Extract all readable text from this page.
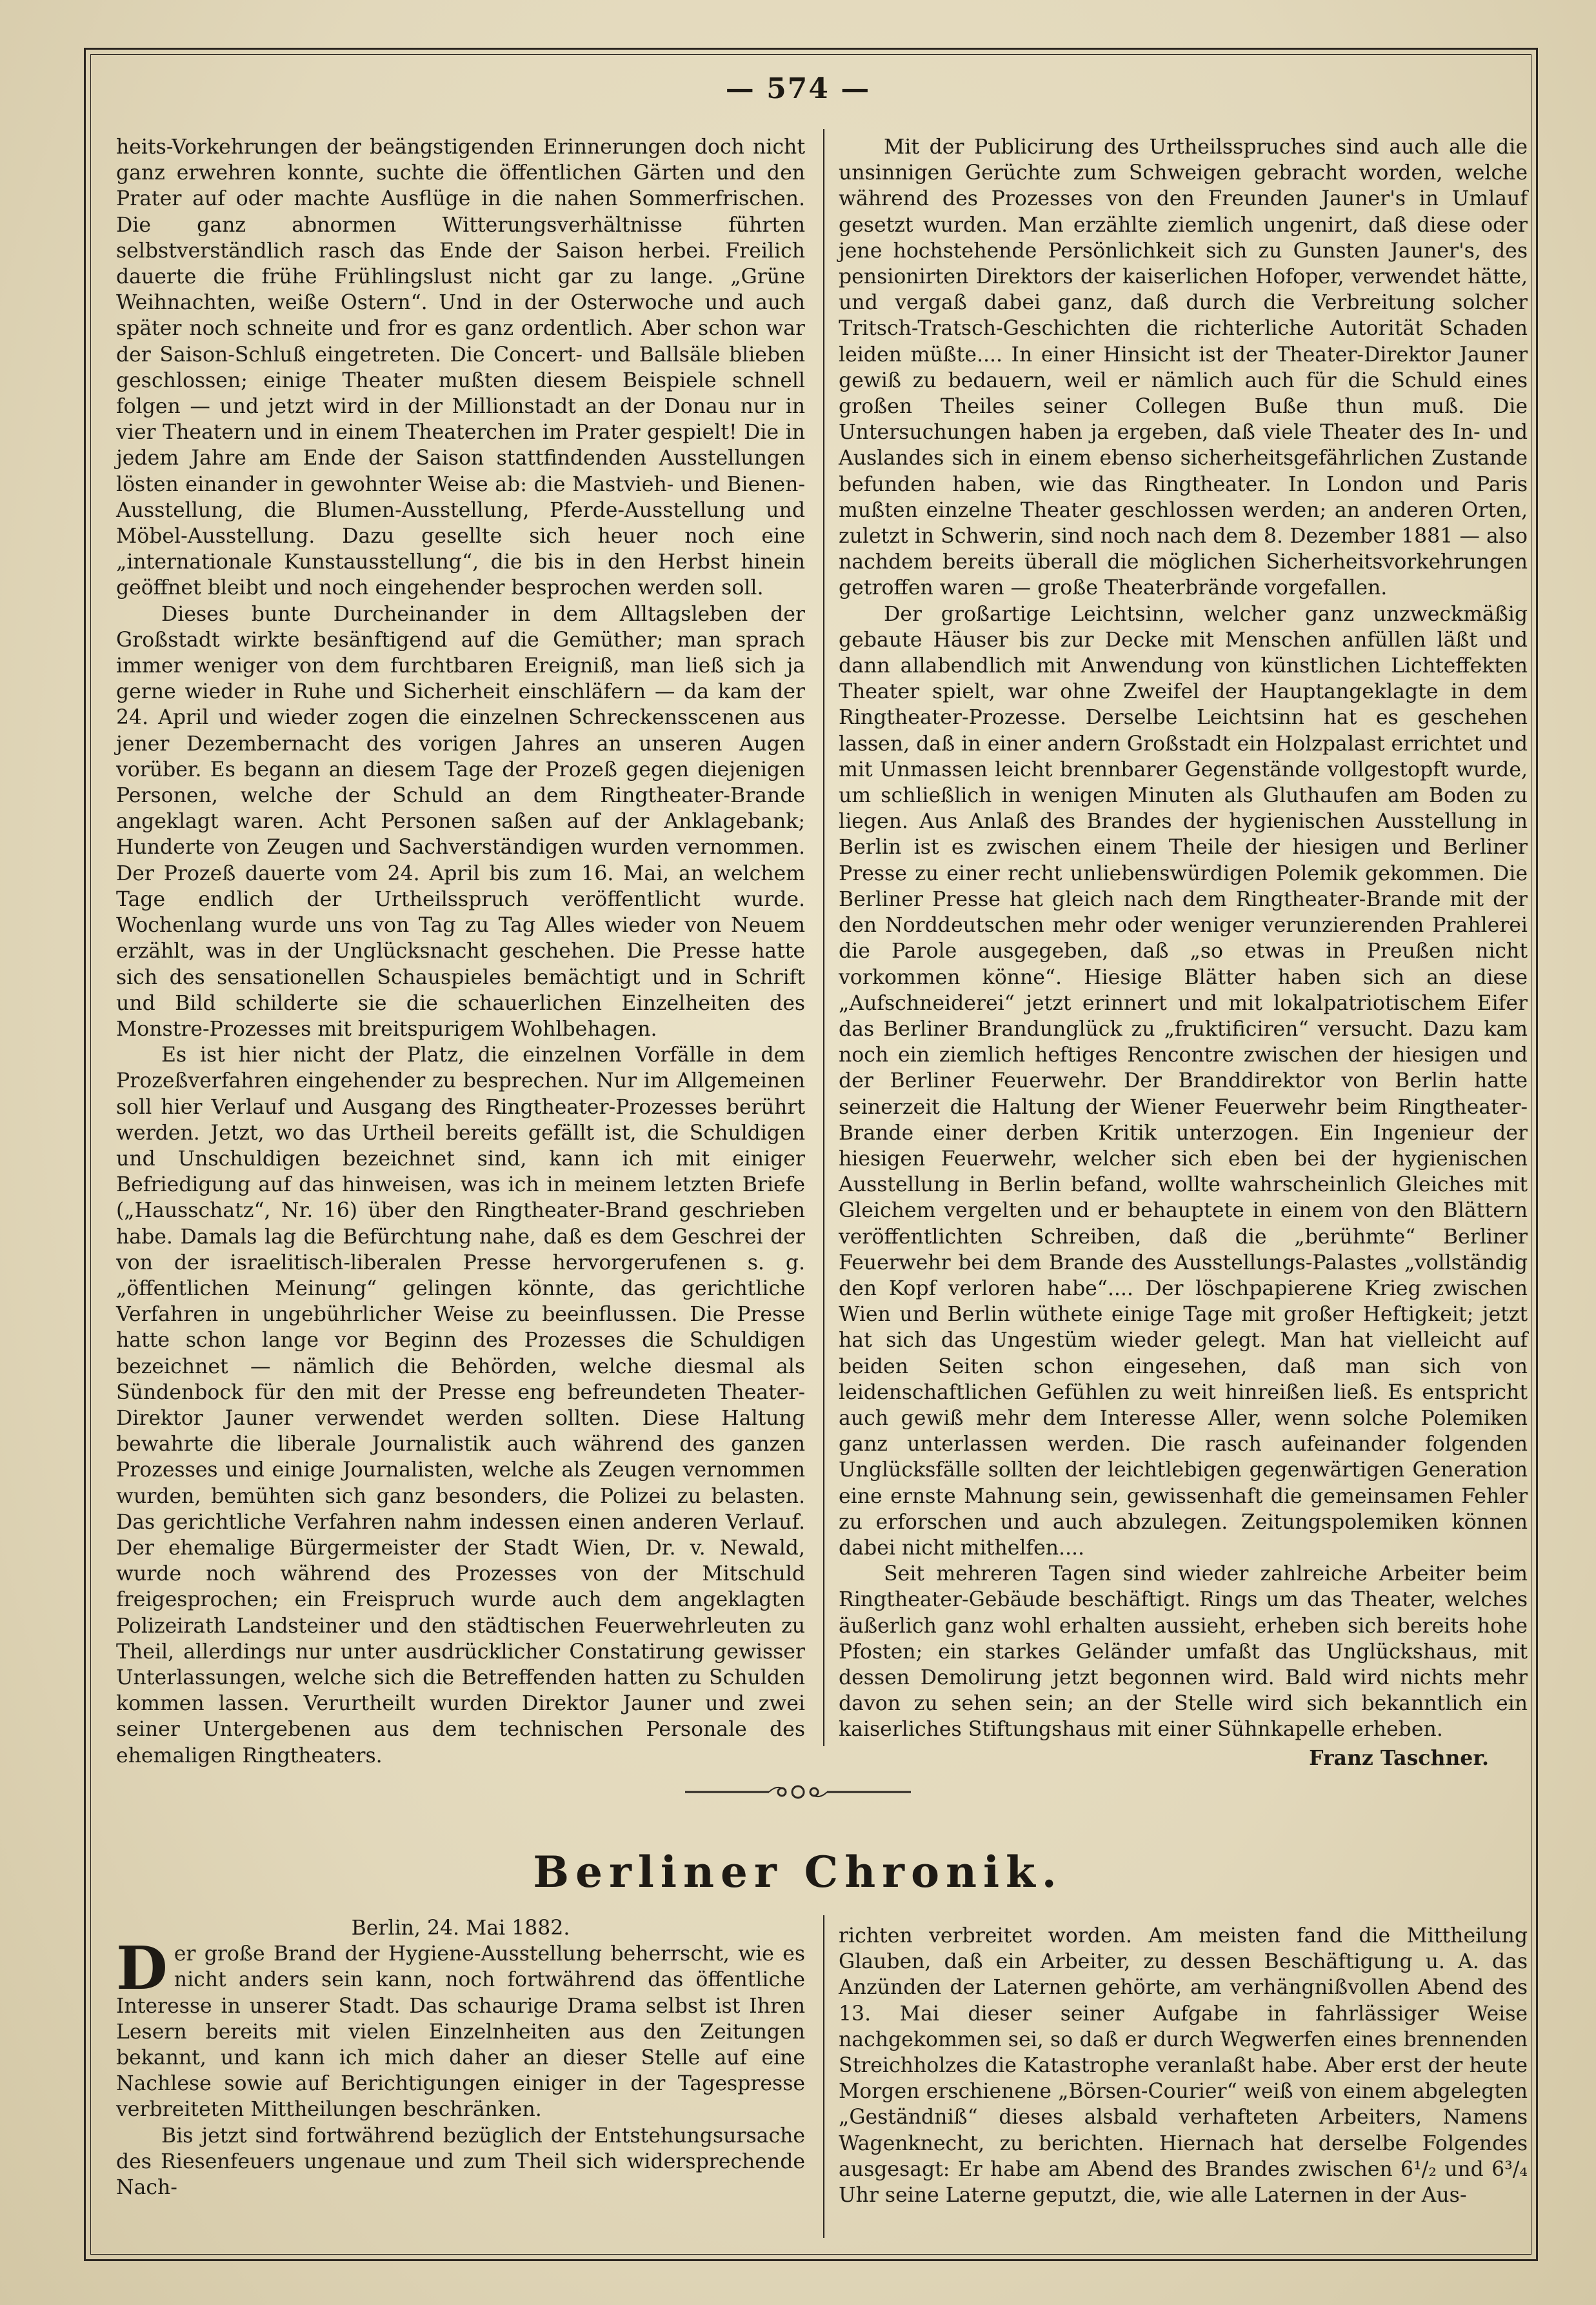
— 574 —

heits-Vorkehrungen der beängstigenden Erinnerungen doch nicht ganz erwehren konnte, suchte die öffentlichen Gärten und den Prater auf oder machte Ausflüge in die nahen Sommerfrischen. Die ganz abnormen Witterungsverhältnisse führten selbstverständlich rasch das Ende der Saison herbei. Freilich dauerte die frühe Frühlingslust nicht gar zu lange. „Grüne Weihnachten, weiße Ostern“. Und in der Osterwoche und auch später noch schneite und fror es ganz ordentlich. Aber schon war der Saison-Schluß eingetreten. Die Concert- und Ballsäle blieben geschlossen; einige Theater mußten diesem Beispiele schnell folgen — und jetzt wird in der Millionstadt an der Donau nur in vier Theatern und in einem Theaterchen im Prater gespielt! Die in jedem Jahre am Ende der Saison stattfindenden Ausstellungen lösten einander in gewohnter Weise ab: die Mastvieh- und Bienen-Ausstellung, die Blumen-Ausstellung, Pferde-Ausstellung und Möbel-Ausstellung. Dazu gesellte sich heuer noch eine „internationale Kunstausstellung“, die bis in den Herbst hinein geöffnet bleibt und noch eingehender besprochen werden soll.

Dieses bunte Durcheinander in dem Alltagsleben der Großstadt wirkte besänftigend auf die Gemüther; man sprach immer weniger von dem furchtbaren Ereigniß, man ließ sich ja gerne wieder in Ruhe und Sicherheit einschläfern — da kam der 24. April und wieder zogen die einzelnen Schreckensscenen aus jener Dezembernacht des vorigen Jahres an unseren Augen vorüber. Es begann an diesem Tage der Prozeß gegen diejenigen Personen, welche der Schuld an dem Ringtheater-Brande angeklagt waren. Acht Personen saßen auf der Anklagebank; Hunderte von Zeugen und Sachverständigen wurden vernommen. Der Prozeß dauerte vom 24. April bis zum 16. Mai, an welchem Tage endlich der Urtheilsspruch veröffentlicht wurde. Wochenlang wurde uns von Tag zu Tag Alles wieder von Neuem erzählt, was in der Unglücksnacht geschehen. Die Presse hatte sich des sensationellen Schauspieles bemächtigt und in Schrift und Bild schilderte sie die schauerlichen Einzelheiten des Monstre-Prozesses mit breitspurigem Wohlbehagen.

Es ist hier nicht der Platz, die einzelnen Vorfälle in dem Prozeßverfahren eingehender zu besprechen. Nur im Allgemeinen soll hier Verlauf und Ausgang des Ringtheater-Prozesses berührt werden. Jetzt, wo das Urtheil bereits gefällt ist, die Schuldigen und Unschuldigen bezeichnet sind, kann ich mit einiger Befriedigung auf das hinweisen, was ich in meinem letzten Briefe („Hausschatz“, Nr. 16) über den Ringtheater-Brand geschrieben habe. Damals lag die Befürchtung nahe, daß es dem Geschrei der von der israelitisch-liberalen Presse hervorgerufenen s. g. „öffentlichen Meinung“ gelingen könnte, das gerichtliche Verfahren in ungebührlicher Weise zu beeinflussen. Die Presse hatte schon lange vor Beginn des Prozesses die Schuldigen bezeichnet — nämlich die Behörden, welche diesmal als Sündenbock für den mit der Presse eng befreundeten Theater-Direktor Jauner verwendet werden sollten. Diese Haltung bewahrte die liberale Journalistik auch während des ganzen Prozesses und einige Journalisten, welche als Zeugen vernommen wurden, bemühten sich ganz besonders, die Polizei zu belasten. Das gerichtliche Verfahren nahm indessen einen anderen Verlauf. Der ehemalige Bürgermeister der Stadt Wien, Dr. v. Newald, wurde noch während des Prozesses von der Mitschuld freigesprochen; ein Freispruch wurde auch dem angeklagten Polizeirath Landsteiner und den städtischen Feuerwehrleuten zu Theil, allerdings nur unter ausdrücklicher Constatirung gewisser Unterlassungen, welche sich die Betreffenden hatten zu Schulden kommen lassen. Verurtheilt wurden Direktor Jauner und zwei seiner Untergebenen aus dem technischen Personale des ehemaligen Ringtheaters.

Mit der Publicirung des Urtheilsspruches sind auch alle die unsinnigen Gerüchte zum Schweigen gebracht worden, welche während des Prozesses von den Freunden Jauner's in Umlauf gesetzt wurden. Man erzählte ziemlich ungenirt, daß diese oder jene hochstehende Persönlichkeit sich zu Gunsten Jauner's, des pensionirten Direktors der kaiserlichen Hofoper, verwendet hätte, und vergaß dabei ganz, daß durch die Verbreitung solcher Tritsch-Tratsch-Geschichten die richterliche Autorität Schaden leiden müßte.... In einer Hinsicht ist der Theater-Direktor Jauner gewiß zu bedauern, weil er nämlich auch für die Schuld eines großen Theiles seiner Collegen Buße thun muß. Die Untersuchungen haben ja ergeben, daß viele Theater des In- und Auslandes sich in einem ebenso sicherheitsgefährlichen Zustande befunden haben, wie das Ringtheater. In London und Paris mußten einzelne Theater geschlossen werden; an anderen Orten, zuletzt in Schwerin, sind noch nach dem 8. Dezember 1881 — also nachdem bereits überall die möglichen Sicherheitsvorkehrungen getroffen waren — große Theaterbrände vorgefallen.

Der großartige Leichtsinn, welcher ganz unzweckmäßig gebaute Häuser bis zur Decke mit Menschen anfüllen läßt und dann allabendlich mit Anwendung von künstlichen Lichteffekten Theater spielt, war ohne Zweifel der Hauptangeklagte in dem Ringtheater-Prozesse. Derselbe Leichtsinn hat es geschehen lassen, daß in einer andern Großstadt ein Holzpalast errichtet und mit Unmassen leicht brennbarer Gegenstände vollgestopft wurde, um schließlich in wenigen Minuten als Gluthaufen am Boden zu liegen. Aus Anlaß des Brandes der hygienischen Ausstellung in Berlin ist es zwischen einem Theile der hiesigen und Berliner Presse zu einer recht unliebenswürdigen Polemik gekommen. Die Berliner Presse hat gleich nach dem Ringtheater-Brande mit der den Norddeutschen mehr oder weniger verunzierenden Prahlerei die Parole ausgegeben, daß „so etwas in Preußen nicht vorkommen könne“. Hiesige Blätter haben sich an diese „Aufschneiderei“ jetzt erinnert und mit lokalpatriotischem Eifer das Berliner Brandunglück zu „fruktificiren“ versucht. Dazu kam noch ein ziemlich heftiges Rencontre zwischen der hiesigen und der Berliner Feuerwehr. Der Branddirektor von Berlin hatte seinerzeit die Haltung der Wiener Feuerwehr beim Ringtheater-Brande einer derben Kritik unterzogen. Ein Ingenieur der hiesigen Feuerwehr, welcher sich eben bei der hygienischen Ausstellung in Berlin befand, wollte wahrscheinlich Gleiches mit Gleichem vergelten und er behauptete in einem von den Blättern veröffentlichten Schreiben, daß die „berühmte“ Berliner Feuerwehr bei dem Brande des Ausstellungs-Palastes „vollständig den Kopf verloren habe“.... Der löschpapierene Krieg zwischen Wien und Berlin wüthete einige Tage mit großer Heftigkeit; jetzt hat sich das Ungestüm wieder gelegt. Man hat vielleicht auf beiden Seiten schon eingesehen, daß man sich von leidenschaftlichen Gefühlen zu weit hinreißen ließ. Es entspricht auch gewiß mehr dem Interesse Aller, wenn solche Polemiken ganz unterlassen werden. Die rasch aufeinander folgenden Unglücksfälle sollten der leichtlebigen gegenwärtigen Generation eine ernste Mahnung sein, gewissenhaft die gemeinsamen Fehler zu erforschen und auch abzulegen. Zeitungspolemiken können dabei nicht mithelfen....

Seit mehreren Tagen sind wieder zahlreiche Arbeiter beim Ringtheater-Gebäude beschäftigt. Rings um das Theater, welches äußerlich ganz wohl erhalten aussieht, erheben sich bereits hohe Pfosten; ein starkes Geländer umfaßt das Unglückshaus, mit dessen Demolirung jetzt begonnen wird. Bald wird nichts mehr davon zu sehen sein; an der Stelle wird sich bekanntlich ein kaiserliches Stiftungshaus mit einer Sühnkapelle erheben.

Franz Taschner.
Berliner Chronik.

Berlin, 24. Mai 1882.

Der große Brand der Hygiene-Ausstellung beherrscht, wie es nicht anders sein kann, noch fortwährend das öffentliche Interesse in unserer Stadt. Das schaurige Drama selbst ist Ihren Lesern bereits mit vielen Einzelnheiten aus den Zeitungen bekannt, und kann ich mich daher an dieser Stelle auf eine Nachlese sowie auf Berichtigungen einiger in der Tagespresse verbreiteten Mittheilungen beschränken.

Bis jetzt sind fortwährend bezüglich der Entstehungsursache des Riesenfeuers ungenaue und zum Theil sich widersprechende Nach-

richten verbreitet worden. Am meisten fand die Mittheilung Glauben, daß ein Arbeiter, zu dessen Beschäftigung u. A. das Anzünden der Laternen gehörte, am verhängnißvollen Abend des 13. Mai dieser seiner Aufgabe in fahrlässiger Weise nachgekommen sei, so daß er durch Wegwerfen eines brennenden Streichholzes die Katastrophe veranlaßt habe. Aber erst der heute Morgen erschienene „Börsen-Courier“ weiß von einem abgelegten „Geständniß“ dieses alsbald verhafteten Arbeiters, Namens Wagenknecht, zu berichten. Hiernach hat derselbe Folgendes ausgesagt: Er habe am Abend des Brandes zwischen 6¹/₂ und 6³/₄ Uhr seine Laterne geputzt, die, wie alle Laternen in der Aus-
